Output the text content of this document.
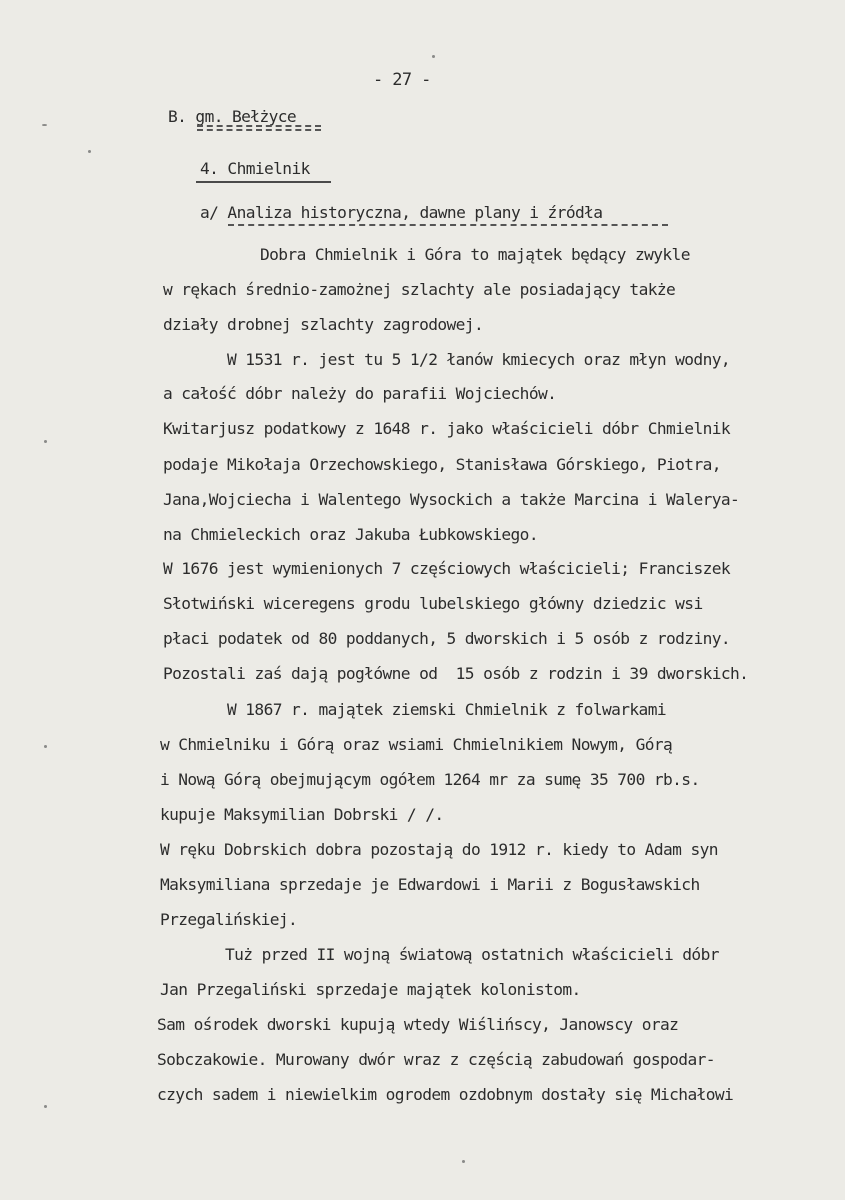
- 27 -
B. gm. Bełżyce
4. Chmielnik
a/ Analiza historyczna, dawne plany i źródła
Dobra Chmielnik i Góra to majątek będący zwykle
w rękach średnio-zamożnej szlachty ale posiadający także
działy drobnej szlachty zagrodowej.
W 1531 r. jest tu 5 1/2 łanów kmiecych oraz młyn wodny,
a całość dóbr należy do parafii Wojciechów.
Kwitarjusz podatkowy z 1648 r. jako właścicieli dóbr Chmielnik
podaje Mikołaja Orzechowskiego, Stanisława Górskiego, Piotra,
Jana,Wojciecha i Walentego Wysockich a także Marcina i Walerya-
na Chmieleckich oraz Jakuba Łubkowskiego.
W 1676 jest wymienionych 7 częściowych właścicieli; Franciszek
Słotwiński wiceregens grodu lubelskiego główny dziedzic wsi
płaci podatek od 80 poddanych, 5 dworskich i 5 osób z rodziny.
Pozostali zaś dają pogłówne od  15 osób z rodzin i 39 dworskich.
W 1867 r. majątek ziemski Chmielnik z folwarkami
w Chmielniku i Górą oraz wsiami Chmielnikiem Nowym, Górą
i Nową Górą obejmującym ogółem 1264 mr za sumę 35 700 rb.s.
kupuje Maksymilian Dobrski / /.
W ręku Dobrskich dobra pozostają do 1912 r. kiedy to Adam syn
Maksymiliana sprzedaje je Edwardowi i Marii z Bogusławskich
Przegalińskiej.
Tuż przed II wojną światową ostatnich właścicieli dóbr
Jan Przegaliński sprzedaje majątek kolonistom.
Sam ośrodek dworski kupują wtedy Wiślińscy, Janowscy oraz
Sobczakowie. Murowany dwór wraz z częścią zabudowań gospodar-
czych sadem i niewielkim ogrodem ozdobnym dostały się Michałowi
